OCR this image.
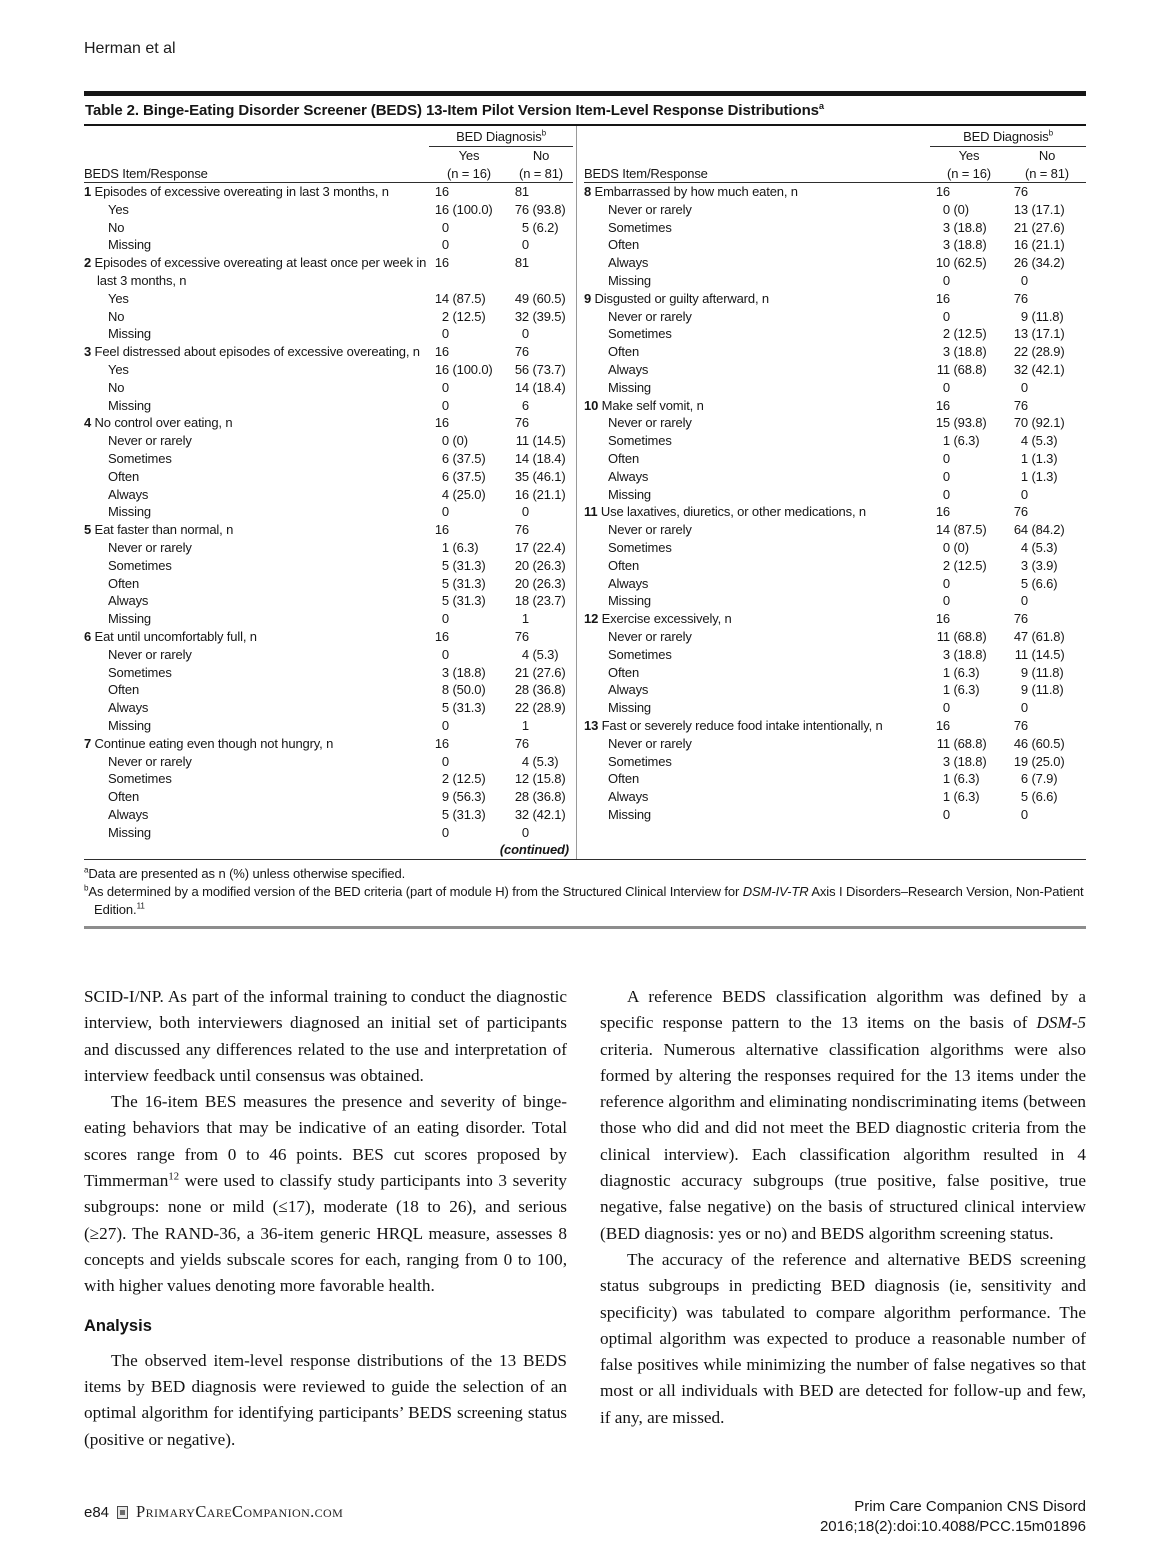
Herman et al
Table 2. Binge-Eating Disorder Screener (BEDS) 13-Item Pilot Version Item-Level Response Distributions$^a$
BED Diagnosis$^b$
Yes	No
BEDS Item/Response	(n = 16)	(n = 81)
1 Episodes of excessive overeating in last 3 months, n	16	81
Yes	16 (100.0)	76 (93.8)
No	0	5 (6.2)
Missing	0	0
2 Episodes of excessive overeating at least once per week in last 3 months, n
16	81
Yes	14 (87.5)	49 (60.5)
No	2 (12.5)	32 (39.5)
Missing	0	0
3 Feel distressed about episodes of excessive overeating, n	16	76
Yes	16 (100.0)	56 (73.7)
No	0	14 (18.4)
Missing	0	6
4 No control over eating, n	16	76
Never or rarely	0 (0)	11 (14.5)
Sometimes	6 (37.5)	14 (18.4)
Often	6 (37.5)	35 (46.1)
Always	4 (25.0)	16 (21.1)
Missing	0	0
5 Eat faster than normal, n	16	76
Never or rarely	1 (6.3)	17 (22.4)
Sometimes	5 (31.3)	20 (26.3)
Often	5 (31.3)	20 (26.3)
Always	5 (31.3)	18 (23.7)
Missing	0	1
6 Eat until uncomfortably full, n	16	76
Never or rarely	0	4 (5.3)
Sometimes	3 (18.8)	21 (27.6)
Often	8 (50.0)	28 (36.8)
Always	5 (31.3)	22 (28.9)
Missing	0	1
7 Continue eating even though not hungry, n	16	76
Never or rarely	0	4 (5.3)
Sometimes	2 (12.5)	12 (15.8)
Often	9 (56.3)	28 (36.8)
Always	5 (31.3)	32 (42.1)
Missing	0	0
(continued)
BED Diagnosis$^b$
Yes	No
BEDS Item/Response	(n = 16)	(n = 81)
8 Embarrassed by how much eaten, n	16	76
Never or rarely	0 (0)	13 (17.1)
Sometimes	3 (18.8)	21 (27.6)
Often	3 (18.8)	16 (21.1)
Always	10 (62.5)	26 (34.2)
Missing	0	0
9 Disgusted or guilty afterward, n	16	76
Never or rarely	0	9 (11.8)
Sometimes	2 (12.5)	13 (17.1)
Often	3 (18.8)	22 (28.9)
Always	11 (68.8)	32 (42.1)
Missing	0	0
10 Make self vomit, n	16	76
Never or rarely	15 (93.8)	70 (92.1)
Sometimes	1 (6.3)	4 (5.3)
Often	0	1 (1.3)
Always	0	1 (1.3)
Missing	0	0
11 Use laxatives, diuretics, or other medications, n	16	76
Never or rarely	14 (87.5)	64 (84.2)
Sometimes	0 (0)	4 (5.3)
Often	2 (12.5)	3 (3.9)
Always	0	5 (6.6)
Missing	0	0
12 Exercise excessively, n	16	76
Never or rarely	11 (68.8)	47 (61.8)
Sometimes	3 (18.8)	11 (14.5)
Often	1 (6.3)	9 (11.8)
Always	1 (6.3)	9 (11.8)
Missing	0	0
13 Fast or severely reduce food intake intentionally, n	16	76
Never or rarely	11 (68.8)	46 (60.5)
Sometimes	3 (18.8)	19 (25.0)
Often	1 (6.3)	6 (7.9)
Always	1 (6.3)	5 (6.6)
Missing	0	0
$^a$Data are presented as n (%) unless otherwise specified.
$^b$As determined by a modified version of the BED criteria (part of module H) from the Structured Clinical Interview for DSM-IV-TR Axis I Disorders–Research Version, Non-Patient Edition.$^{11}$

SCID-I/NP. As part of the informal training to conduct the diagnostic interview, both interviewers diagnosed an initial set of participants and discussed any differences related to the use and interpretation of interview feedback until consensus was obtained.

The 16-item BES measures the presence and severity of binge-eating behaviors that may be indicative of an eating disorder. Total scores range from 0 to 46 points. BES cut scores proposed by Timmerman$^{12}$ were used to classify study participants into 3 severity subgroups: none or mild (≤17), moderate (18 to 26), and serious (≥27). The RAND-36, a 36-item generic HRQL measure, assesses 8 concepts and yields subscale scores for each, ranging from 0 to 100, with higher values denoting more favorable health.

Analysis

The observed item-level response distributions of the 13 BEDS items by BED diagnosis were reviewed to guide the selection of an optimal algorithm for identifying participants’ BEDS screening status (positive or negative).

A reference BEDS classification algorithm was defined by a specific response pattern to the 13 items on the basis of DSM-5 criteria. Numerous alternative classification algorithms were also formed by altering the responses required for the 13 items under the reference algorithm and eliminating nondiscriminating items (between those who did and did not meet the BED diagnostic criteria from the clinical interview). Each classification algorithm resulted in 4 diagnostic accuracy subgroups (true positive, false positive, true negative, false negative) on the basis of structured clinical interview (BED diagnosis: yes or no) and BEDS algorithm screening status.

The accuracy of the reference and alternative BEDS screening status subgroups in predicting BED diagnosis (ie, sensitivity and specificity) was tabulated to compare algorithm performance. The optimal algorithm was expected to produce a reasonable number of false positives while minimizing the number of false negatives so that most or all individuals with BED are detected for follow-up and few, if any, are missed.

e84 PrimaryCareCompanion.com	Prim Care Companion CNS Disord
2016;18(2):doi:10.4088/PCC.15m01896
